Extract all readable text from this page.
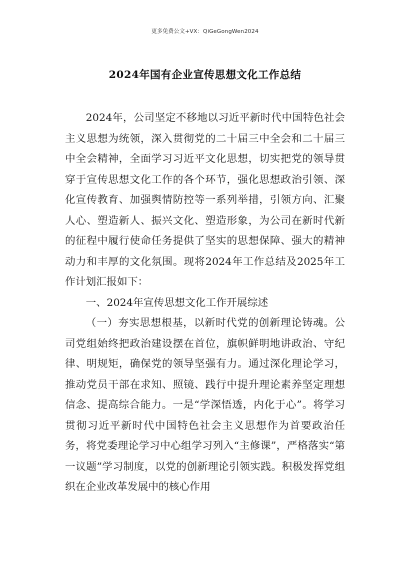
更多免费公文+VX：QiGeGongWen2024
2024年国有企业宣传思想文化工作总结

2024年，公司坚定不移地以习近平新时代中国特色社会主义思想为统领，深入贯彻党的二十届三中全会和二十届三中全会精神，全面学习习近平文化思想，切实把党的领导贯穿于宣传思想文化工作的各个环节，强化思想政治引领、深化宣传教育、加强舆情防控等一系列举措，引领方向、汇聚人心、塑造新人、振兴文化、塑造形象，为公司在新时代新的征程中履行使命任务提供了坚实的思想保障、强大的精神动力和丰厚的文化氛围。现将2024年工作总结及2025年工作计划汇报如下：

一、2024年宣传思想文化工作开展综述

（一）夯实思想根基，以新时代党的创新理论铸魂。公司党组始终把政治建设摆在首位，旗帜鲜明地讲政治、守纪律、明规矩，确保党的领导坚强有力。通过深化理论学习，推动党员干部在求知、照镜、践行中提升理论素养坚定理想信念、提高综合能力。一是“学深悟透，内化于心”。将学习贯彻习近平新时代中国特色社会主义思想作为首要政治任务，将党委理论学习中心组学习列入“主修课”，严格落实“第一议题”学习制度，以党的创新理论引领实践。积极发挥党组织在企业改革发展中的核心作用
